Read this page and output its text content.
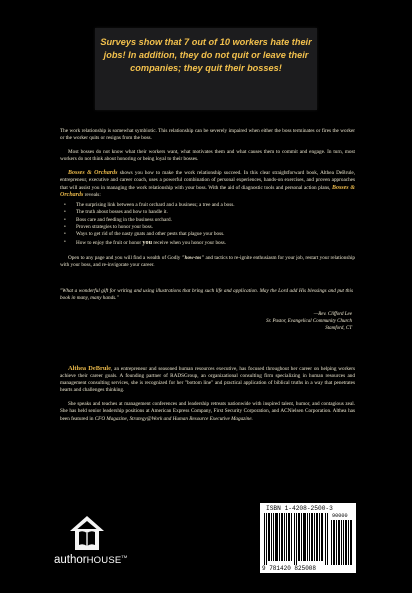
Surveys show that 7 out of 10 workers hate their jobs! In addition, they do not quit or leave their companies; they quit their bosses!

The work relationship is somewhat symbiotic. This relationship can be severely impaired when either the boss terminates or fires the worker or the worker quits or resigns from the boss.

Most bosses do not know what their workers want, what motivates them and what causes them to commit and engage. In turn, most workers do not think about honoring or being loyal to their bosses.

Bosses & Orchards shows you how to make the work relationship succeed. In this clear straightforward book, Althea DeBrule, entrepreneur, executive and career coach, uses a powerful combination of personal experiences, hands-on exercises, and proven approaches that will assist you in managing the work relationship with your boss. With the aid of diagnostic tools and personal action plans, Bosses & Orchards reveals:

• The surprising link between a fruit orchard and a business; a tree and a boss.
• The truth about bosses and how to handle it.
• Boss care and feeding in the business orchard.
• Proven strategies to honor your boss.
• Ways to get rid of the nasty gnats and other pests that plague your boss.
• How to enjoy the fruit or honor you receive when you honor your boss.

Open to any page and you will find a wealth of Godly "how-tos" and tactics to re-ignite enthusiasm for your job, restart your relationship with your boss, and re-invigorate your career.

"What a wonderful gift for writing and using illustrations that bring such life and application. May the Lord add His blessings and put this book in many, many hands."
—Rev. Clifford Lee
Sr. Pastor, Evangelical Community Church
Stamford, CT

Althea DeBrule, an entrepreneur and seasoned human resources executive, has focused throughout her career on helping workers achieve their career goals. A founding partner of RADSGroup, an organizational consulting firm specializing in human resources and management consulting services, she is recognized for her "bottom line" and practical application of biblical truths in a way that penetrates hearts and challenges thinking.

She speaks and teaches at management conferences and leadership retreats nationwide with inspired talent, humor, and contagious zeal. She has held senior leadership positions at American Express Company, First Security Corporation, and ACNielsen Corporation. Althea has been featured in CFO Magazine, Strategy@Work and Human Resource Executive Magazine.

authorHOUSE™
ISBN 1-4208-2500-3
90000
9 781420 825008
